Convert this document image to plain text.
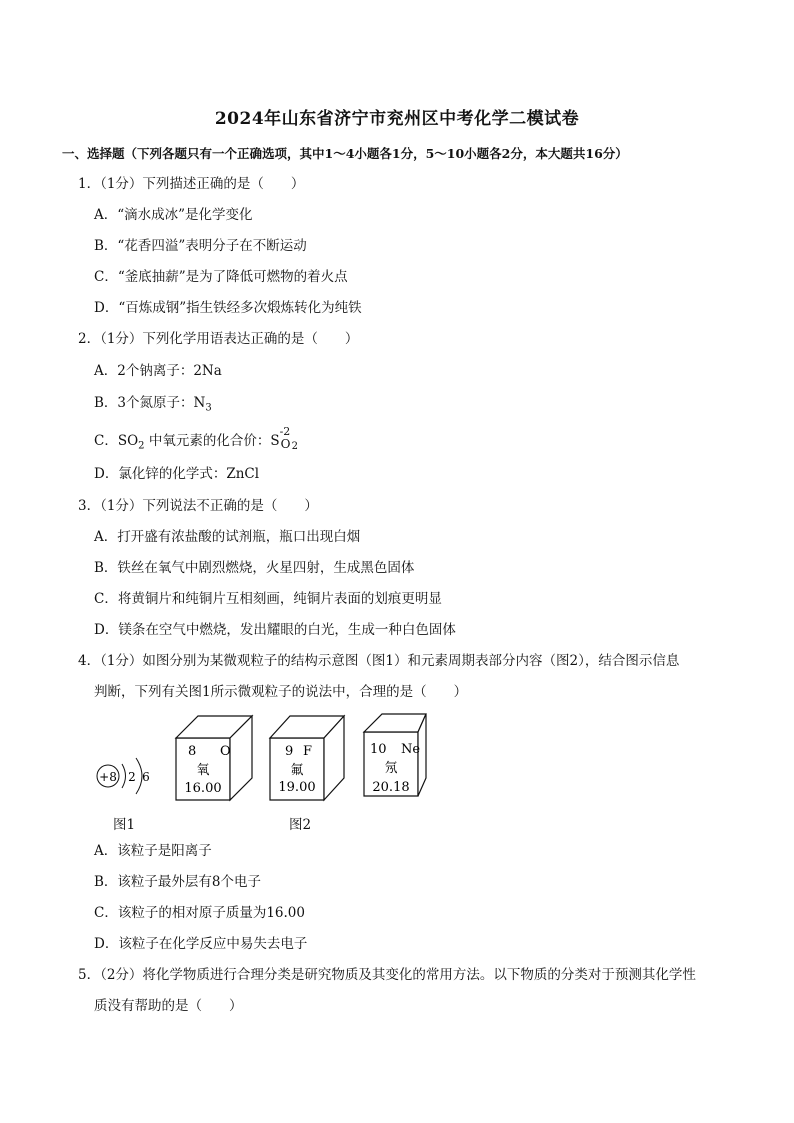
2024年山东省济宁市兖州区中考化学二模试卷
一、选择题（下列各题只有一个正确选项，其中1～4小题各1分，5～10小题各2分，本大题共16分）
1．（1分）下列描述正确的是（　　）
A．“滴水成冰”是化学变化
B．“花香四溢”表明分子在不断运动
C．“釜底抽薪”是为了降低可燃物的着火点
D．“百炼成钢”指生铁经多次煅炼转化为纯铁
2．（1分）下列化学用语表达正确的是（　　）
A．2个钠离子：2Na
B．3个氮原子：$N_3$
C．$SO_2$ 中氧元素的化合价：S
-2
O $_2$
D．氯化锌的化学式：ZnCl
3．（1分）下列说法不正确的是（　　）
A．打开盛有浓盐酸的试剂瓶，瓶口出现白烟
B．铁丝在氧气中剧烈燃烧，火星四射，生成黑色固体
C．将黄铜片和纯铜片互相刻画，纯铜片表面的划痕更明显
D．镁条在空气中燃烧，发出耀眼的白光，生成一种白色固体
4．（1分）如图分别为某微观粒子的结构示意图（图1）和元素周期表部分内容（图2），结合图示信息
判断，下列有关图1所示微观粒子的说法中，合理的是（　　）
+8 2 6
图1
8 O
氧
16.00
9 F
氟
19.00
10 Ne
氖
20.18
图2
A．该粒子是阳离子
B．该粒子最外层有8个电子
C．该粒子的相对原子质量为16.00
D．该粒子在化学反应中易失去电子
5．（2分）将化学物质进行合理分类是研究物质及其变化的常用方法。以下物质的分类对于预测其化学性
质没有帮助的是（　　）
